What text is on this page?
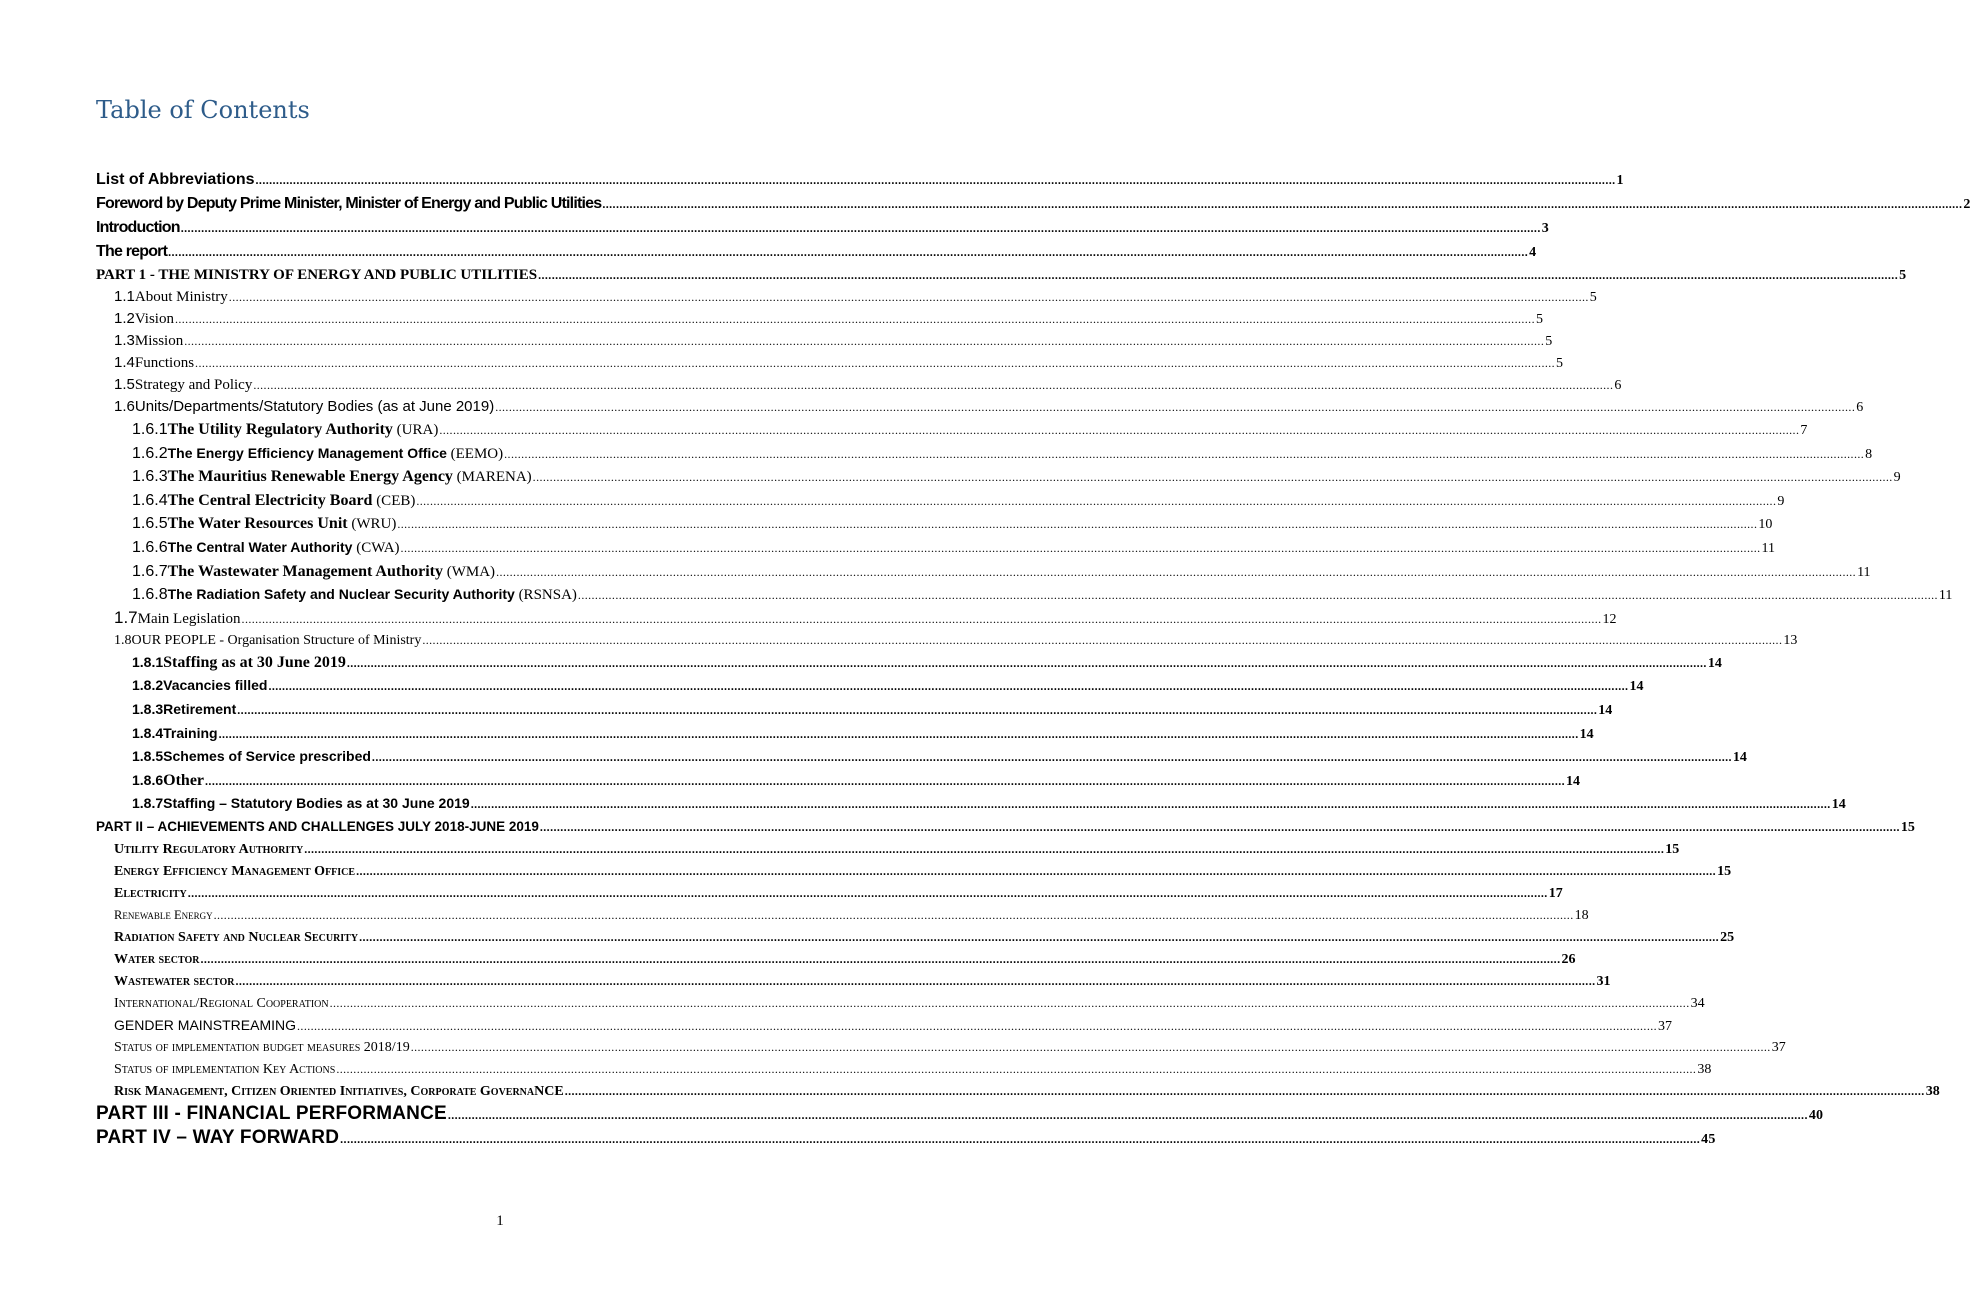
Table of Contents
List of Abbreviations ................................................................................................................................................................................................................................................................................................................................................................................................................ 1
Foreword by Deputy Prime Minister, Minister of Energy and Public Utilities ................................................................................................................................................................................................................................................................................................................................................................................................................ 2
Introduction ................................................................................................................................................................................................................................................................................................................................................................................................................ 3
The report ................................................................................................................................................................................................................................................................................................................................................................................................................ 4
PART 1 - THE MINISTRY OF ENERGY AND PUBLIC UTILITIES ................................................................................................................................................................................................................................................................................................................................................................................................................ 5
1.1 About Ministry ................................................................................................................................................................................................................................................................................................................................................................................................................ 5
1.2 Vision ................................................................................................................................................................................................................................................................................................................................................................................................................ 5
1.3 Mission ................................................................................................................................................................................................................................................................................................................................................................................................................ 5
1.4 Functions ................................................................................................................................................................................................................................................................................................................................................................................................................ 5
1.5 Strategy and Policy ................................................................................................................................................................................................................................................................................................................................................................................................................ 6
1.6 Units/Departments/Statutory Bodies (as at June 2019) ................................................................................................................................................................................................................................................................................................................................................................................................................ 6
1.6.1 The Utility Regulatory Authority (URA) ................................................................................................................................................................................................................................................................................................................................................................................................................ 7
1.6.2 The Energy Efficiency Management Office (EEMO) ................................................................................................................................................................................................................................................................................................................................................................................................................ 8
1.6.3 The Mauritius Renewable Energy Agency (MARENA) ................................................................................................................................................................................................................................................................................................................................................................................................................ 9
1.6.4 The Central Electricity Board (CEB) ................................................................................................................................................................................................................................................................................................................................................................................................................ 9
1.6.5 The Water Resources Unit (WRU) ................................................................................................................................................................................................................................................................................................................................................................................................................ 10
1.6.6 The Central Water Authority (CWA) ................................................................................................................................................................................................................................................................................................................................................................................................................ 11
1.6.7 The Wastewater Management Authority (WMA) ................................................................................................................................................................................................................................................................................................................................................................................................................ 11
1.6.8 The Radiation Safety and Nuclear Security Authority (RSNSA) ................................................................................................................................................................................................................................................................................................................................................................................................................ 11
1.7 Main Legislation ................................................................................................................................................................................................................................................................................................................................................................................................................ 12
1.8 OUR PEOPLE - Organisation Structure of Ministry ................................................................................................................................................................................................................................................................................................................................................................................................................ 13
1.8.1 Staffing as at 30 June 2019 ................................................................................................................................................................................................................................................................................................................................................................................................................ 14
1.8.2 Vacancies filled ................................................................................................................................................................................................................................................................................................................................................................................................................ 14
1.8.3 Retirement ................................................................................................................................................................................................................................................................................................................................................................................................................ 14
1.8.4 Training ................................................................................................................................................................................................................................................................................................................................................................................................................ 14
1.8.5 Schemes of Service prescribed ................................................................................................................................................................................................................................................................................................................................................................................................................ 14
1.8.6 Other ................................................................................................................................................................................................................................................................................................................................................................................................................ 14
1.8.7 Staffing – Statutory Bodies as at 30 June 2019 ................................................................................................................................................................................................................................................................................................................................................................................................................ 14
PART II – ACHIEVEMENTS AND CHALLENGES JULY 2018-JUNE 2019 ................................................................................................................................................................................................................................................................................................................................................................................................................ 15
Utility Regulatory Authority ................................................................................................................................................................................................................................................................................................................................................................................................................ 15
Energy Efficiency Management Office ................................................................................................................................................................................................................................................................................................................................................................................................................ 15
Electricity ................................................................................................................................................................................................................................................................................................................................................................................................................ 17
Renewable Energy ................................................................................................................................................................................................................................................................................................................................................................................................................ 18
Radiation Safety and Nuclear Security ................................................................................................................................................................................................................................................................................................................................................................................................................ 25
Water sector ................................................................................................................................................................................................................................................................................................................................................................................................................ 26
Wastewater sector ................................................................................................................................................................................................................................................................................................................................................................................................................ 31
International/Regional Cooperation ................................................................................................................................................................................................................................................................................................................................................................................................................ 34
GENDER MAINSTREAMING ................................................................................................................................................................................................................................................................................................................................................................................................................ 37
Status of implementation budget measures 2018/19 ................................................................................................................................................................................................................................................................................................................................................................................................................ 37
Status of implementation Key Actions ................................................................................................................................................................................................................................................................................................................................................................................................................ 38
Risk Management, Citizen Oriented Initiatives, Corporate GovernaNCE ................................................................................................................................................................................................................................................................................................................................................................................................................ 38
PART III - FINANCIAL PERFORMANCE ................................................................................................................................................................................................................................................................................................................................................................................................................ 40
PART IV – WAY FORWARD ................................................................................................................................................................................................................................................................................................................................................................................................................ 45
1
